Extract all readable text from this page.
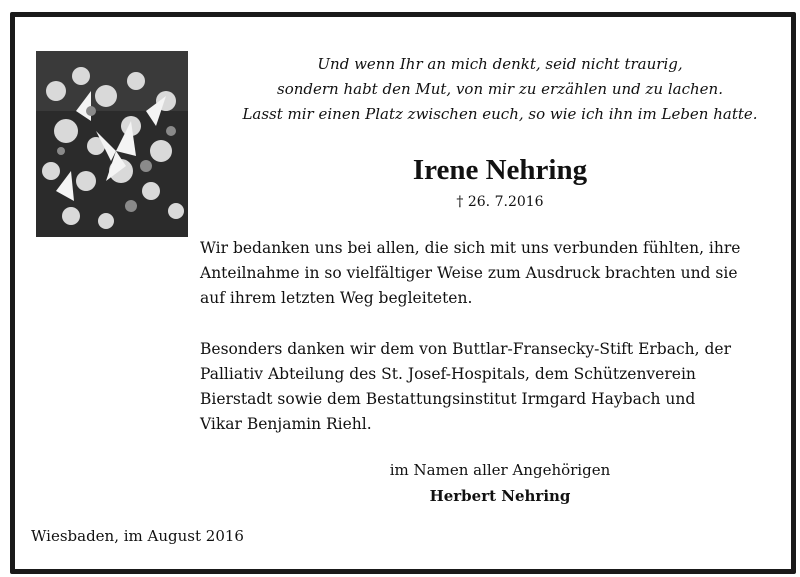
Und wenn Ihr an mich denkt, seid nicht traurig,
sondern habt den Mut, von mir zu erzählen und zu lachen.
Lasst mir einen Platz zwischen euch, so wie ich ihn im Leben hatte.
Irene Nehring
† 26. 7.2016
Wir bedanken uns bei allen, die sich mit uns verbunden fühlten, ihre
Anteilnahme in so vielfältiger Weise zum Ausdruck brachten und sie
auf ihrem letzten Weg begleiteten.
Besonders danken wir dem von Buttlar-Fransecky-Stift Erbach, der
Palliativ Abteilung des St. Josef-Hospitals, dem Schützenverein
Bierstadt sowie dem Bestattungsinstitut Irmgard Haybach und
Vikar Benjamin Riehl.
im Namen aller Angehörigen
Herbert Nehring
Wiesbaden, im August 2016
